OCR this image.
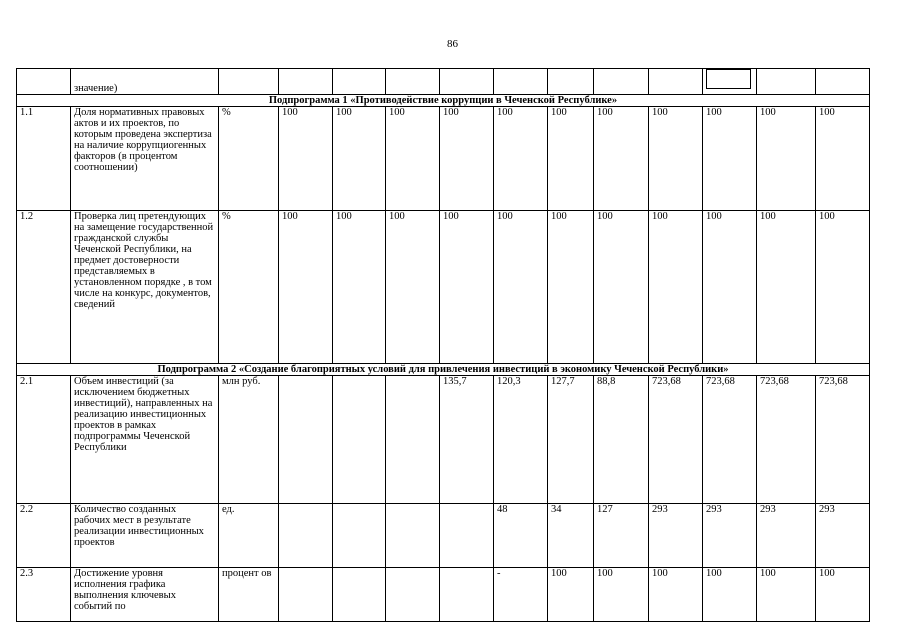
86
	значение)										

Подпрограмма 1 «Противодействие коррупции в Чеченской Республике»													
1.1	Доля нормативных правовых актов и их проектов, по которым проведена экспертиза на наличие коррупциогенных факторов (в процентом соотношении)	%	100	100	100	100	100	100	100	100	100	100	100
1.2	Проверка лиц претендующих на замещение государственной гражданской службы Чеченской Республики, на предмет достоверности представляемых в установленном порядке , в том числе на конкурс, документов, сведений	%	100	100	100	100	100	100	100	100	100	100	100
Подпрограмма 2 «Создание благоприятных условий для привлечения инвестиций в экономику Чеченской Республики»													
2.1	Объем инвестиций (за исключением бюджетных инвестиций), направленных на реализацию инвестиционных проектов в рамках подпрограммы Чеченской Республики	млн руб.				135,7	120,3	127,7	88,8	723,68	723,68	723,68	723,68
2.2	Количество созданных рабочих мест в результате реализации инвестиционных проектов	ед.					48	34	127	293	293	293	293
2.3	Достижение уровня исполнения графика выполнения ключевых событий по	процент ов					-	100	100	100	100	100	100
